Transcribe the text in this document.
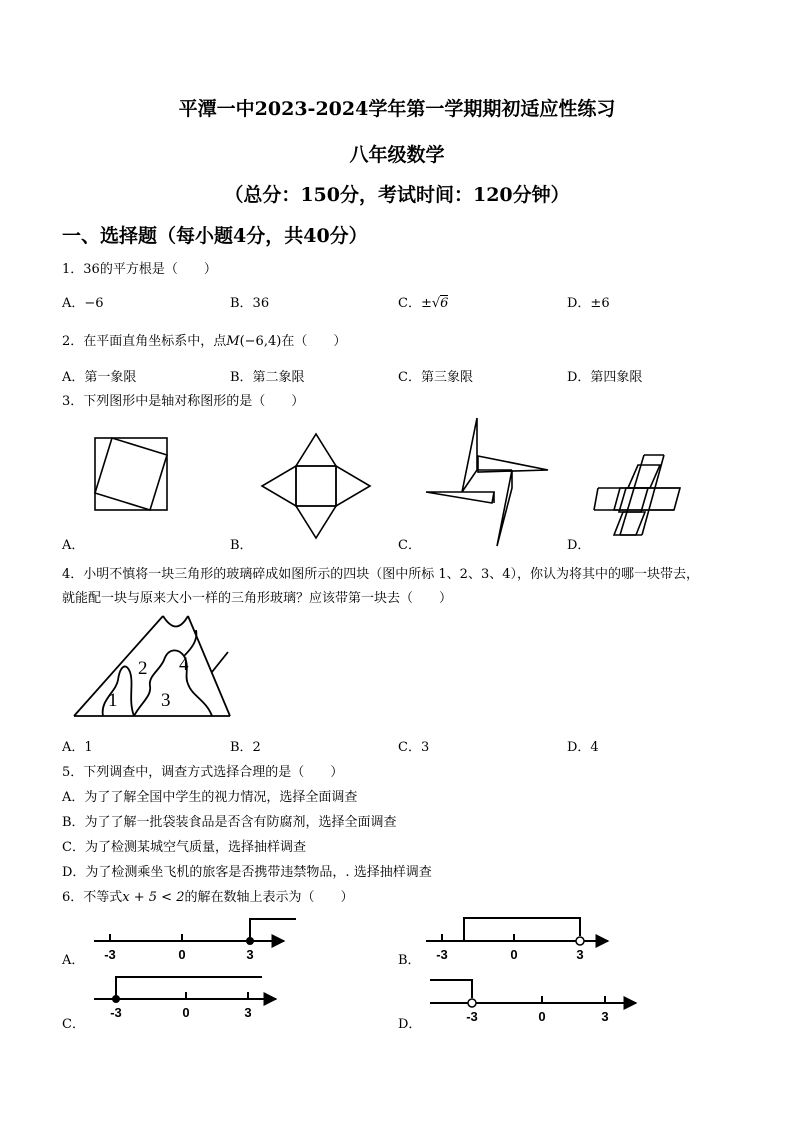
平潭一中2023-2024学年第一学期期初适应性练习
八年级数学
（总分：150分，考试时间：120分钟）
一、选择题（每小题4分，共40分）
1．36的平方根是（　　）
A．−6	B．36	C．±√6	D．±6
2．在平面直角坐标系中，点M(−6,4)在（　　）
A．第一象限	B．第二象限	C．第三象限	D．第四象限
3．下列图形中是轴对称图形的是（　　）
A．	B．	C．	D．
4．小明不慎将一块三角形的玻璃碎成如图所示的四块（图中所标 1、2、3、4），你认为将其中的哪一块带去，
就能配一块与原来大小一样的三角形玻璃？应该带第一块去（　　）
1
2
3
4
A．1	B．2	C．3	D．4
5．下列调查中，调查方式选择合理的是（　　）
A．为了了解全国中学生的视力情况，选择全面调查
B．为了了解一批袋装食品是否含有防腐剂，选择全面调查
C．为了检测某城空气质量，选择抽样调查
D．为了检测乘坐飞机的旅客是否携带违禁物品，. 选择抽样调查
6．不等式x + 5 < 2的解在数轴上表示为（　　）
-3	0	3	-3	0	3
-3	0	3	-3	0	3
A．	B．
C．	D．
